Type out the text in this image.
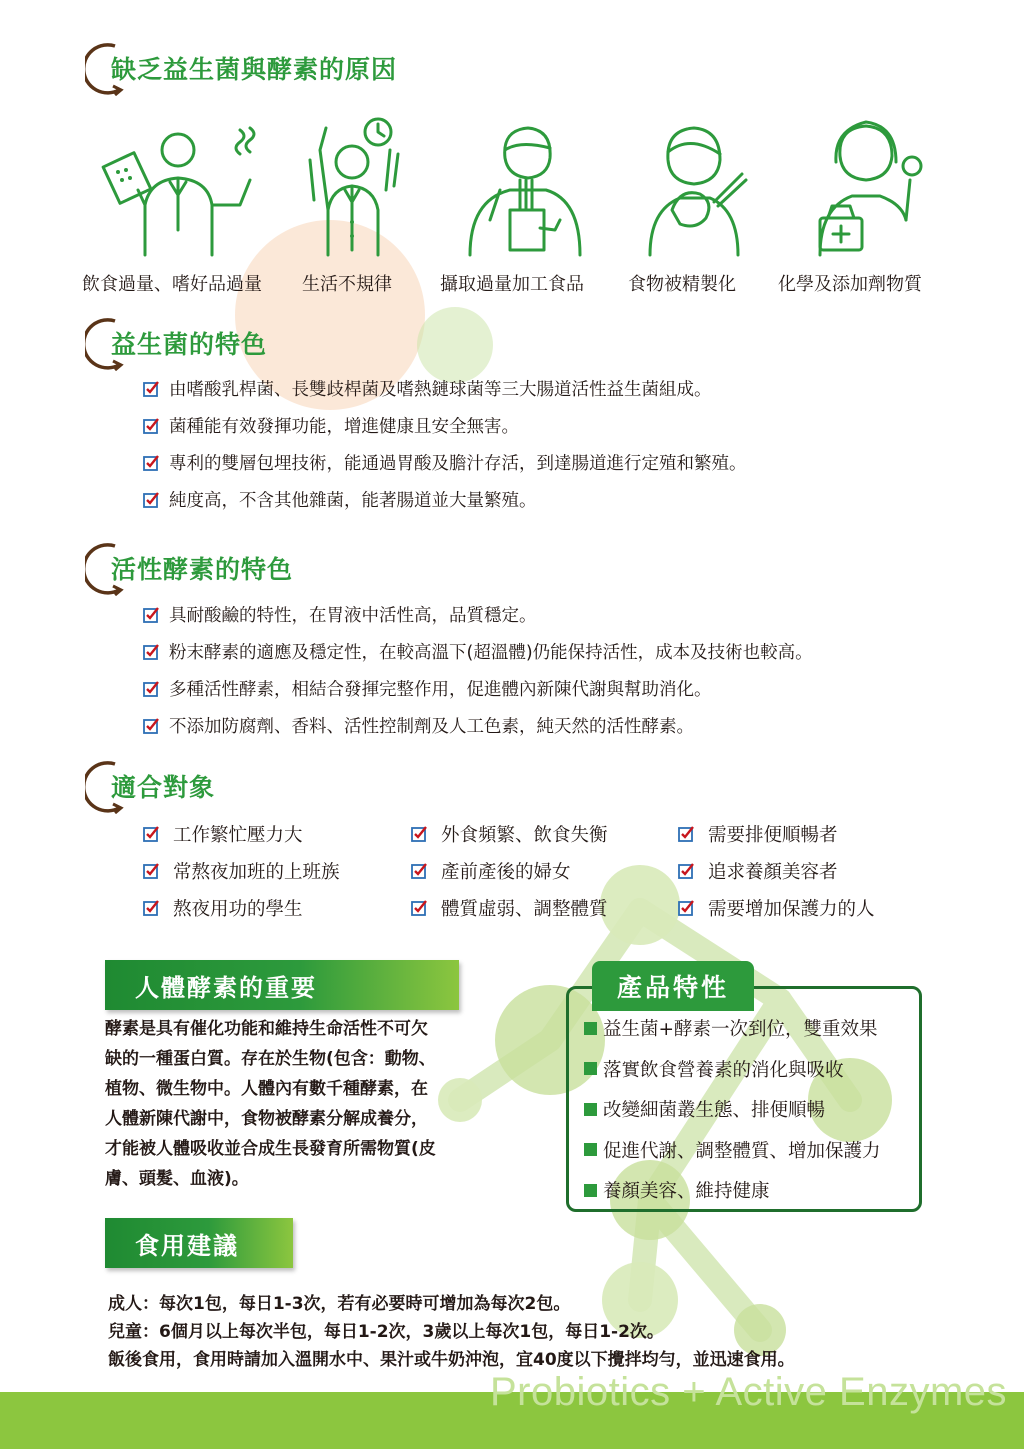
缺乏益生菌與酵素的原因
飲食過量、嗜好品過量 生活不規律	攝取過量加工食品 食物被精製化 化學及添加劑物質
益生菌的特色
由嗜酸乳桿菌、長雙歧桿菌及嗜熱鏈球菌等三大腸道活性益生菌組成。
菌種能有效發揮功能，增進健康且安全無害。
專利的雙層包埋技術，能通過胃酸及膽汁存活，到達腸道進行定殖和繁殖。
純度高，不含其他雜菌，能著腸道並大量繁殖。
活性酵素的特色
具耐酸鹼的特性，在胃液中活性高，品質穩定。
粉末酵素的適應及穩定性，在較高溫下(超溫體)仍能保持活性，成本及技術也較高。
多種活性酵素，相結合發揮完整作用，促進體內新陳代謝與幫助消化。
不添加防腐劑、香料、活性控制劑及人工色素，純天然的活性酵素。
適合對象
工作繁忙壓力大
常熬夜加班的上班族
熬夜用功的學生
外食頻繁、飲食失衡
產前產後的婦女
體質虛弱、調整體質
需要排便順暢者
追求養顏美容者
需要增加保護力的人
人體酵素的重要

酵素是具有催化功能和維持生命活性不可欠

缺的一種蛋白質。存在於生物(包含：動物、

植物、微生物中。人體內有數千種酵素，在

人體新陳代謝中，食物被酵素分解成養分，

才能被人體吸收並合成生長發育所需物質(皮

膚、頭髮、血液)。

產品特性
益生菌+酵素一次到位，雙重效果
落實飲食營養素的消化與吸收
改變細菌叢生態、排便順暢
促進代謝、調整體質、增加保護力
養顏美容、維持健康
食用建議

成人：每次1包，每日1-3次，若有必要時可增加為每次2包。

兒童：6個月以上每次半包，每日1-2次，3歲以上每次1包，每日1-2次。

飯後食用，食用時請加入溫開水中、果汁或牛奶沖泡，宜40度以下攪拌均勻，並迅速食用。

Probiotics + Active Enzymes
